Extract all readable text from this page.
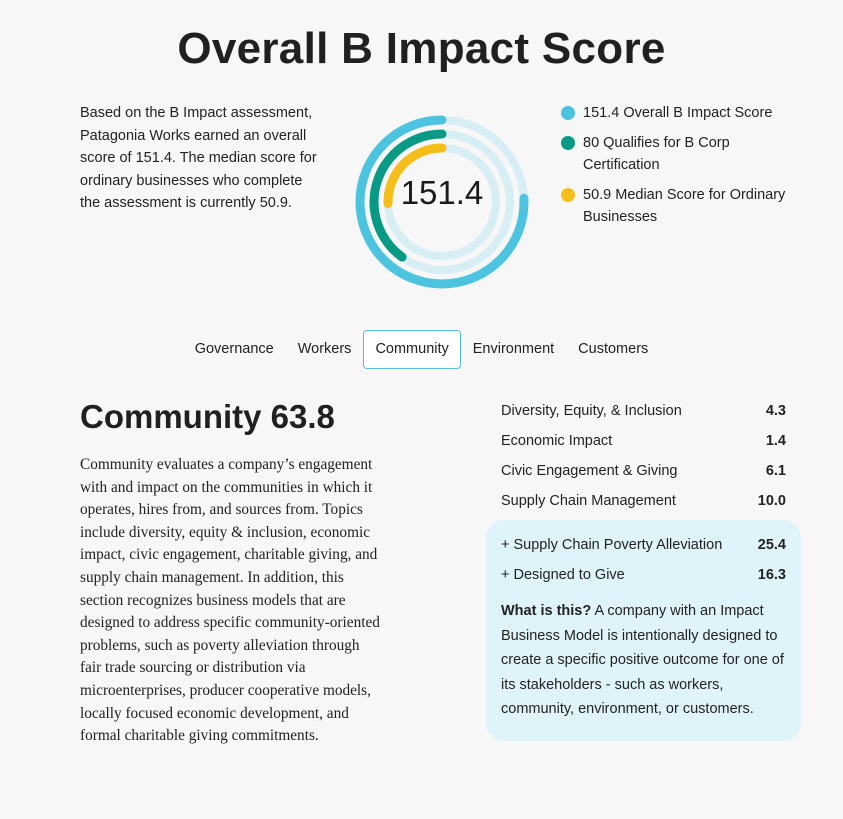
Overall B Impact Score

Based on the B Impact assessment, Patagonia Works earned an overall score of 151.4. The median score for ordinary businesses who complete the assessment is currently 50.9.	151.4
151.4 Overall B Impact Score
80 Qualifies for B Corp Certification
50.9 Median Score for Ordinary Businesses
Governance	Workers	Community	Environment	Customers
Community 63.8

Community evaluates a company’s engagement with and impact on the communities in which it operates, hires from, and sources from. Topics include diversity, equity & inclusion, economic impact, civic engagement, charitable giving, and supply chain management. In addition, this section recognizes business models that are designed to address specific community-oriented problems, such as poverty alleviation through fair trade sourcing or distribution via microenterprises, producer cooperative models, locally focused economic development, and formal charitable giving commitments.

Diversity, Equity, & Inclusion	4.3
Economic Impact	1.4
Civic Engagement & Giving	6.1
Supply Chain Management	10.0
+ Supply Chain Poverty Alleviation 25.4
+ Designed to Give	16.3

What is this? A company with an Impact Business Model is intentionally designed to create a specific positive outcome for one of its stakeholders - such as workers, community, environment, or customers.
